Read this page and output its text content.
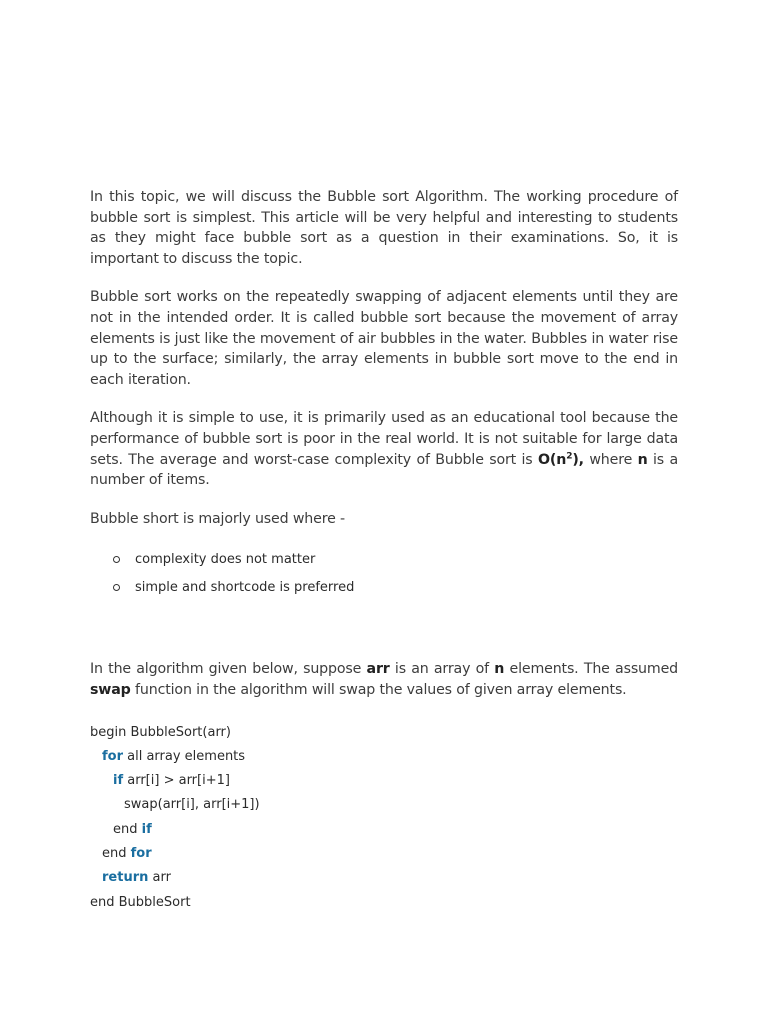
In this topic, we will discuss the Bubble sort Algorithm. The working procedure of bubble sort is simplest. This article will be very helpful and interesting to students as they might face bubble sort as a question in their examinations. So, it is important to discuss the topic.

Bubble sort works on the repeatedly swapping of adjacent elements until they are not in the intended order. It is called bubble sort because the movement of array elements is just like the movement of air bubbles in the water. Bubbles in water rise up to the surface; similarly, the array elements in bubble sort move to the end in each iteration.

Although it is simple to use, it is primarily used as an educational tool because the performance of bubble sort is poor in the real world. It is not suitable for large data sets. The average and worst-case complexity of Bubble sort is $O(n^2)$, where n is a number of items.

Bubble short is majorly used where -

complexity does not matter
simple and shortcode is preferred

In the algorithm given below, suppose arr is an array of n elements. The assumed swap function in the algorithm will swap the values of given array elements.

begin BubbleSort(arr)
for all array elements
if arr[i] > arr[i+1]
swap(arr[i], arr[i+1])
end if
end for
return arr
end BubbleSort
